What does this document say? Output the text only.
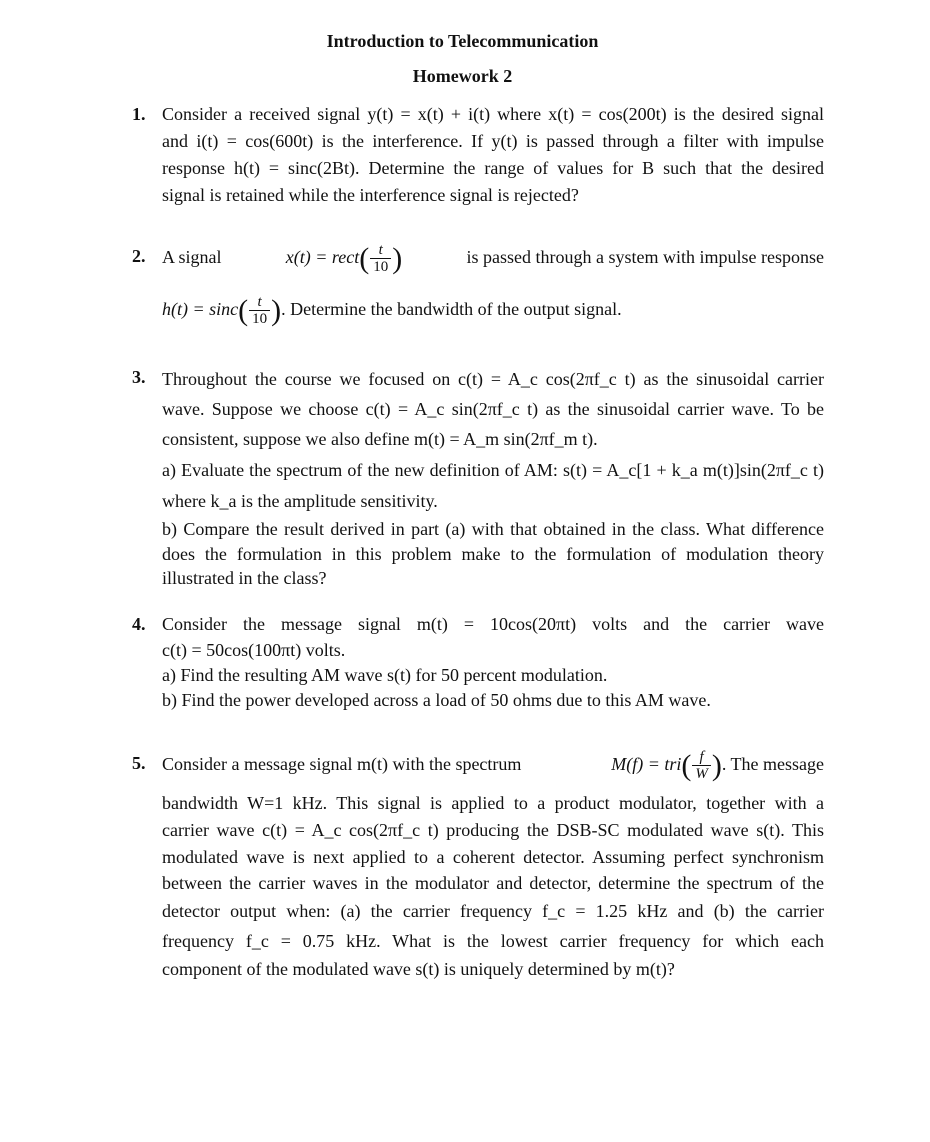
Introduction to Telecommunication
Homework 2
1. Consider a received signal y(t) = x(t) + i(t) where x(t) = cos(200t) is the desired signal
and i(t) = cos(600t) is the interference. If y(t) is passed through a filter with impulse
response h(t) = sinc(2Bt). Determine the range of values for B such that the desired
signal is retained while the interference signal is rejected?
2. A signal	x(t) = rect( $\frac{t}{10}$ )	is passed through a system with impulse response
$h(t) = \sin c( \frac{t}{10}$ ). Determine the bandwidth of the output signal.
3. Throughout the course we focused on c(t) = A_c cos(2πf_c t) as the sinusoidal carrier
wave. Suppose we choose c(t) = A_c sin(2πf_c t) as the sinusoidal carrier wave. To be
consistent, suppose we also define m(t) = A_m sin(2πf_m t).
a) Evaluate the spectrum of the new definition of AM: s(t) = A_c[1 + k_a m(t)]sin(2πf_c t)
where k_a is the amplitude sensitivity.
b) Compare the result derived in part (a) with that obtained in the class. What difference
does the formulation in this problem make to the formulation of modulation theory
illustrated in the class?
4. Consider the message signal m(t) = 10cos(20πt) volts and the carrier wave
c(t) = 50cos(100πt) volts.
a) Find the resulting AM wave s(t) for 50 percent modulation.
b) Find the power developed across a load of 50 ohms due to this AM wave.
5. Consider a message signal m(t) with the spectrum	$M(f) = tri( \frac{f}{W}$ ). The message
bandwidth W=1 kHz. This signal is applied to a product modulator, together with a
carrier wave c(t) = A_c cos(2πf_c t) producing the DSB-SC modulated wave s(t). This
modulated wave is next applied to a coherent detector. Assuming perfect synchronism
between the carrier waves in the modulator and detector, determine the spectrum of the
detector output when: (a) the carrier frequency f_c = 1.25 kHz and (b) the carrier
frequency f_c = 0.75 kHz. What is the lowest carrier frequency for which each
component of the modulated wave s(t) is uniquely determined by m(t)?
